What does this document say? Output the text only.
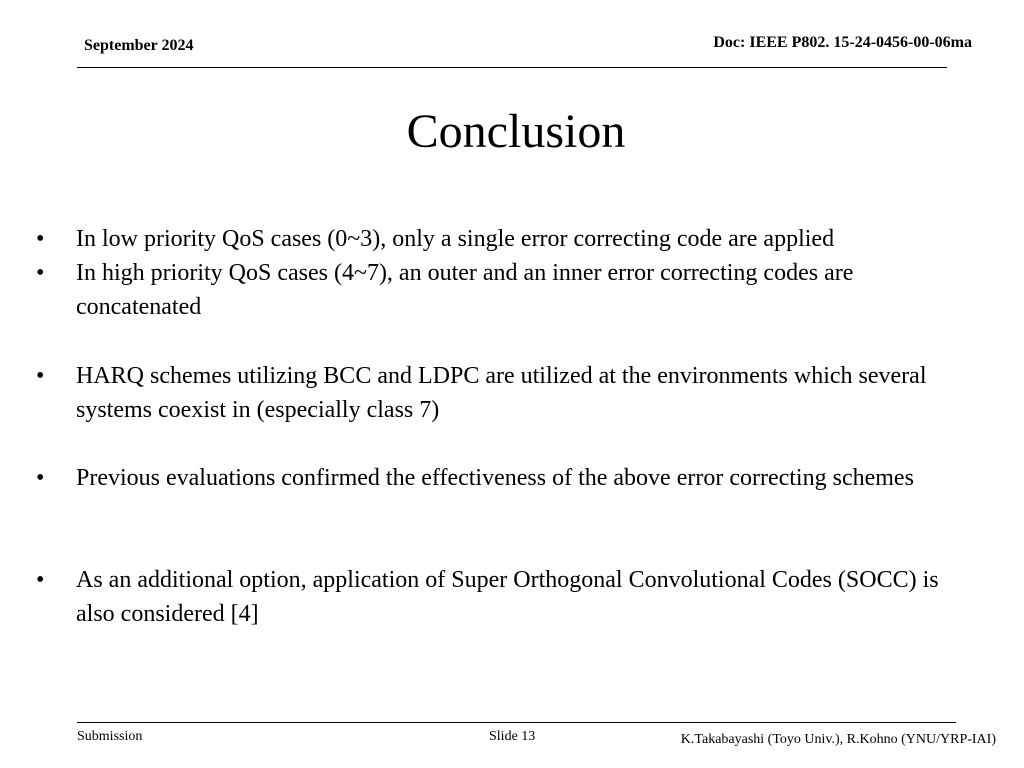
September 2024	Doc: IEEE P802. 15-24-0456-00-06ma
Conclusion
•	In low priority QoS cases (0~3), only a single error correcting code are applied
•	In high priority QoS cases (4~7), an outer and an inner error correcting codes are concatenated
•	HARQ schemes utilizing BCC and LDPC are utilized at the environments which several systems coexist in (especially class 7)
•	Previous evaluations confirmed the effectiveness of the above error correcting schemes
•	As an additional option, application of Super Orthogonal Convolutional Codes (SOCC) is also considered [4]
Submission	Slide 13	K.Takabayashi (Toyo Univ.), R.Kohno (YNU/YRP-IAI)
